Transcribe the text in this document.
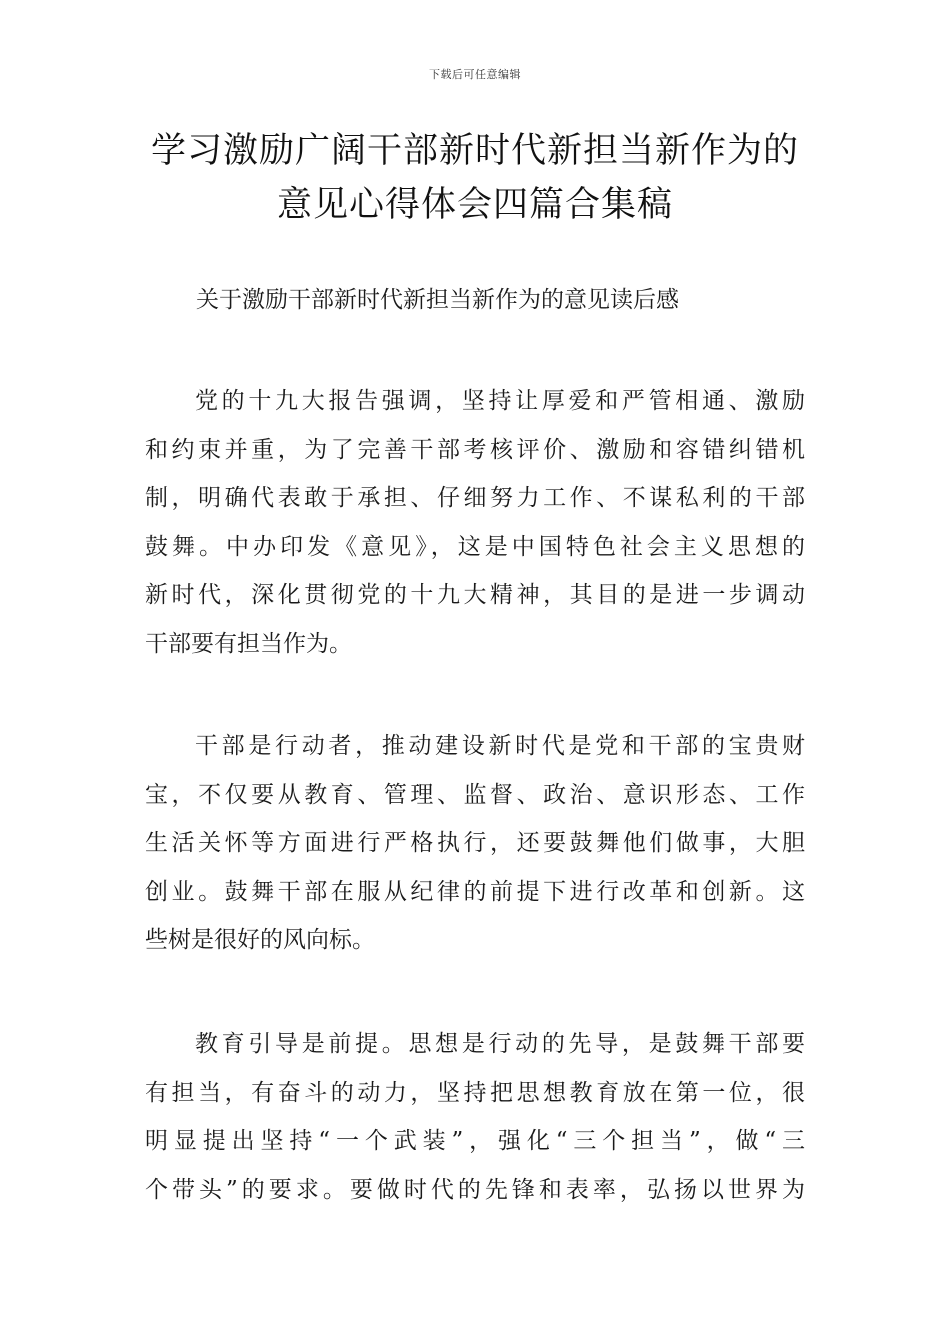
下载后可任意编辑
学习激励广阔干部新时代新担当新作为的
意见心得体会四篇合集稿
关于激励干部新时代新担当新作为的意见读后感
党的十九大报告强调，坚持让厚爱和严管相通、激励
和约束并重，为了完善干部考核评价、激励和容错纠错机
制，明确代表敢于承担、仔细努力工作、不谋私利的干部
鼓舞。中办印发《意见》，这是中国特色社会主义思想的
新时代，深化贯彻党的十九大精神，其目的是进一步调动
干部要有担当作为。
干部是行动者，推动建设新时代是党和干部的宝贵财
宝，不仅要从教育、管理、监督、政治、意识形态、工作
生活关怀等方面进行严格执行，还要鼓舞他们做事，大胆
创业。鼓舞干部在服从纪律的前提下进行改革和创新。这
些树是很好的风向标。
教育引导是前提。思想是行动的先导，是鼓舞干部要
有担当，有奋斗的动力，坚持把思想教育放在第一位，很
明显提出坚持“一个武装”，强化“三个担当”，做“三
个带头”的要求。要做时代的先锋和表率，弘扬以世界为
